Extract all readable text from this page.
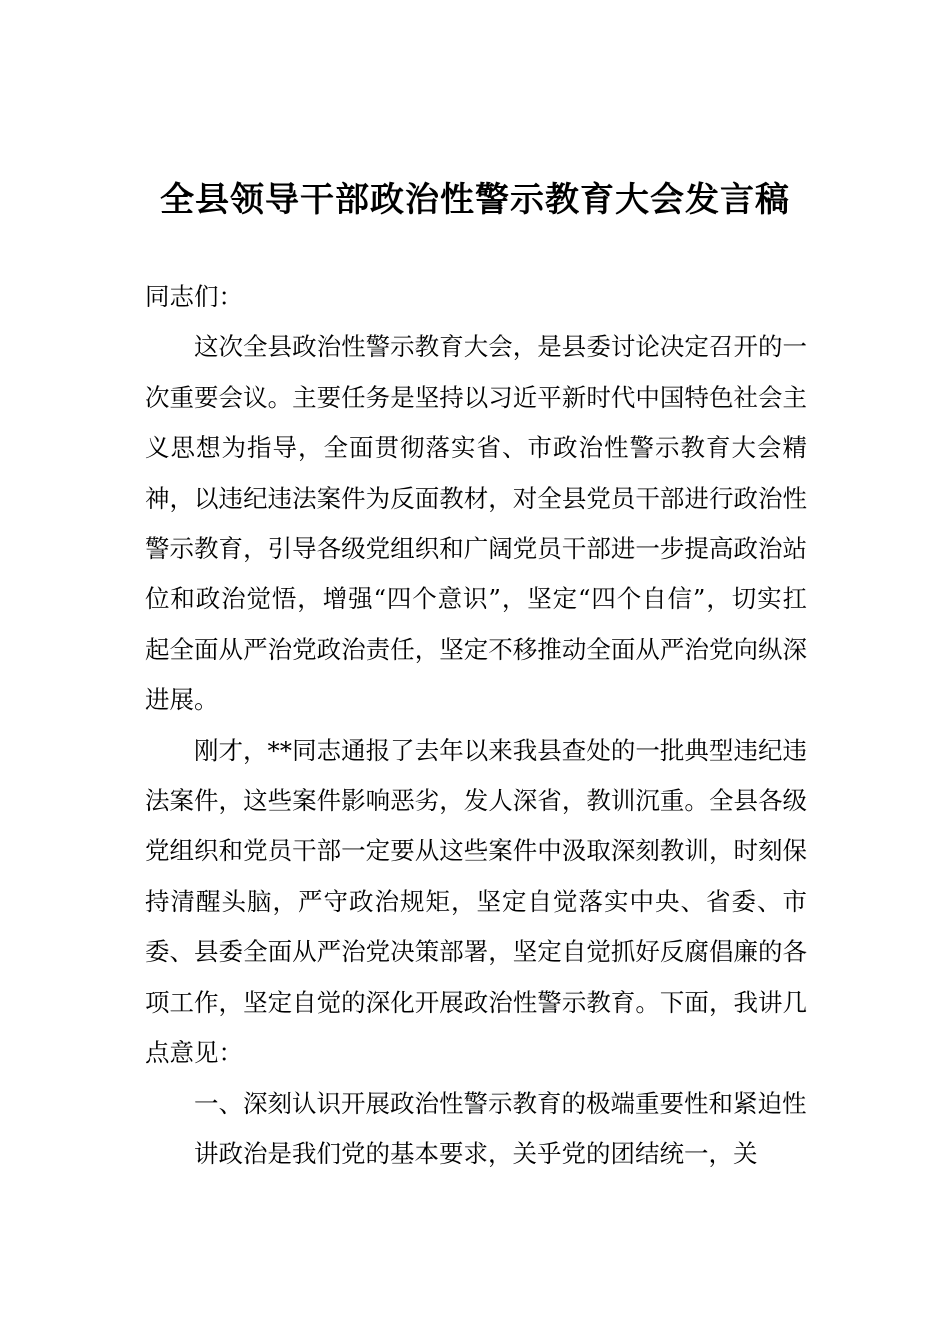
全县领导干部政治性警示教育大会发言稿

同志们：

这次全县政治性警示教育大会，是县委讨论决定召开的一次重要会议。主要任务是坚持以习近平新时代中国特色社会主义思想为指导，全面贯彻落实省、市政治性警示教育大会精神，以违纪违法案件为反面教材，对全县党员干部进行政治性警示教育，引导各级党组织和广阔党员干部进一步提高政治站位和政治觉悟，增强“四个意识”，坚定“四个自信”，切实扛起全面从严治党政治责任，坚定不移推动全面从严治党向纵深进展。

刚才，**同志通报了去年以来我县查处的一批典型违纪违法案件，这些案件影响恶劣，发人深省，教训沉重。全县各级党组织和党员干部一定要从这些案件中汲取深刻教训，时刻保持清醒头脑，严守政治规矩，坚定自觉落实中央、省委、市委、县委全面从严治党决策部署，坚定自觉抓好反腐倡廉的各项工作，坚定自觉的深化开展政治性警示教育。下面，我讲几点意见：

一、深刻认识开展政治性警示教育的极端重要性和紧迫性

讲政治是我们党的基本要求，关乎党的团结统一，关
